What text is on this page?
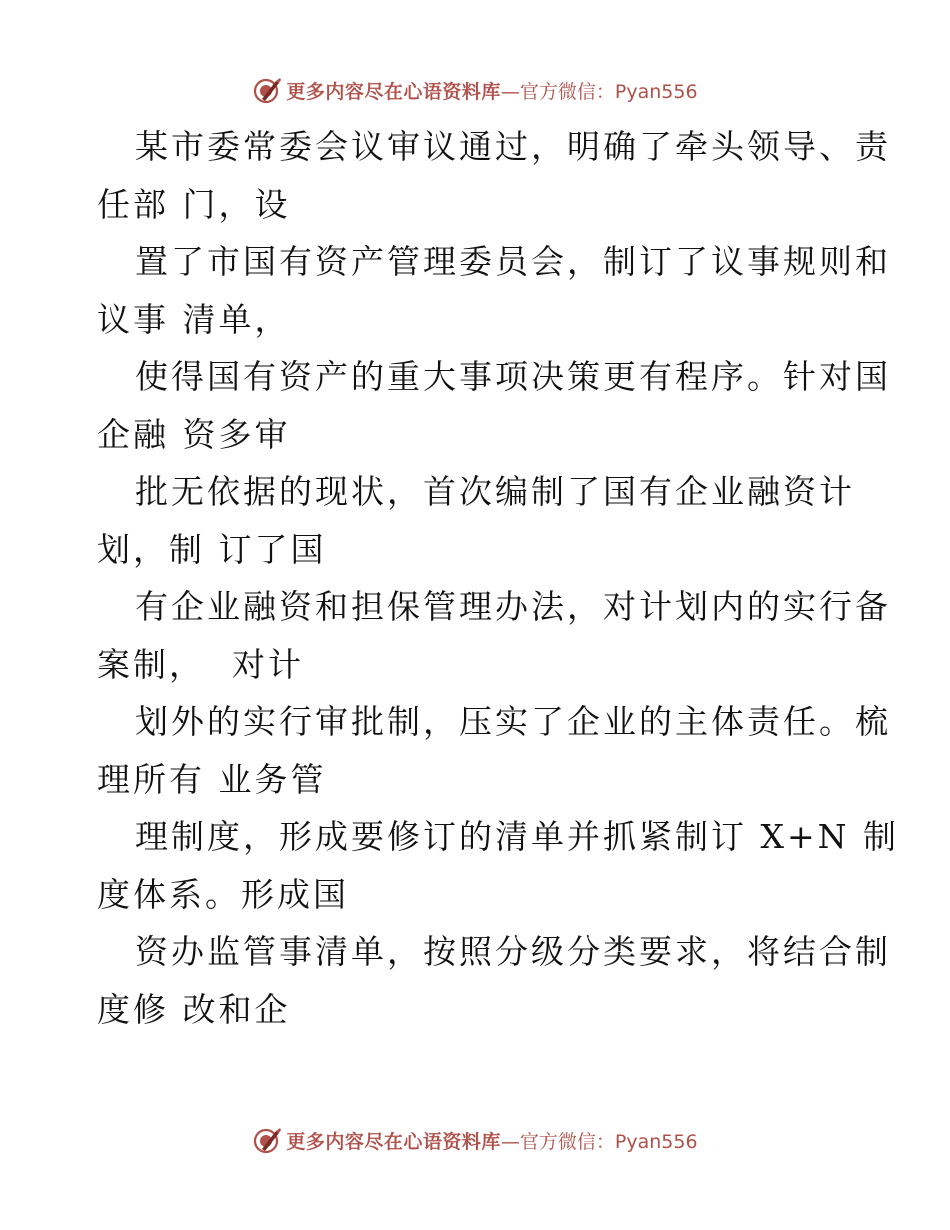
更多内容尽在心语资料库 —官方微信：Pyan556
某市委常委会议审议通过，明确了牵头领导、责
任部 门，设
置了市国有资产管理委员会，制订了议事规则和
议事 清单，
使得国有资产的重大事项决策更有程序。针对国
企融 资多审
批无依据的现状，首次编制了国有企业融资计
划，制 订了国
有企业融资和担保管理办法，对计划内的实行备
案制，  对计
划外的实行审批制，压实了企业的主体责任。梳
理所有 业务管
理制度，形成要修订的清单并抓紧制订 X+N 制
度体系。形成国
资办监管事清单，按照分级分类要求，将结合制
度修 改和企
更多内容尽在心语资料库 —官方微信：Pyan556
